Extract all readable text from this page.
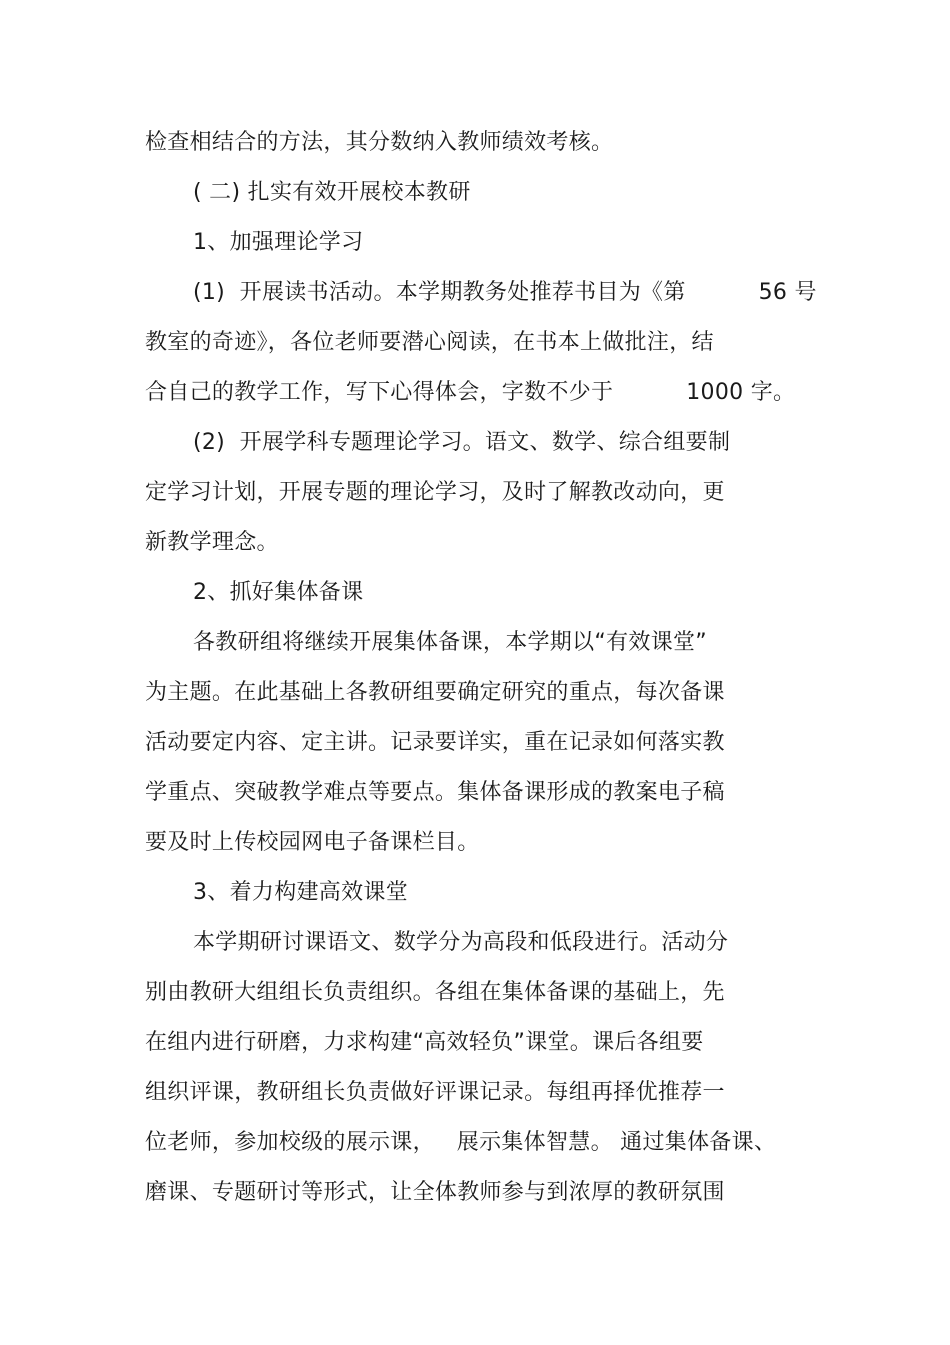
检查相结合的方法，其分数纳入教师绩效考核。
( 二) 扎实有效开展校本教研
1、加强理论学习
(1)  开展读书活动。本学期教务处推荐书目为《第          56 号
教室的奇迹》，各位老师要潜心阅读，在书本上做批注，结
合自己的教学工作，写下心得体会，字数不少于          1000 字。
(2)  开展学科专题理论学习。语文、数学、综合组要制
定学习计划，开展专题的理论学习，及时了解教改动向，更
新教学理念。
2、抓好集体备课
各教研组将继续开展集体备课，本学期以“有效课堂”
为主题。在此基础上各教研组要确定研究的重点，每次备课
活动要定内容、定主讲。记录要详实，重在记录如何落实教
学重点、突破教学难点等要点。集体备课形成的教案电子稿
要及时上传校园网电子备课栏目。
3、着力构建高效课堂
本学期研讨课语文、数学分为高段和低段进行。活动分
别由教研大组组长负责组织。各组在集体备课的基础上，先
在组内进行研磨，力求构建“高效轻负”课堂。课后各组要
组织评课，教研组长负责做好评课记录。每组再择优推荐一
位老师，参加校级的展示课，   展示集体智慧。 通过集体备课、
磨课、专题研讨等形式，让全体教师参与到浓厚的教研氛围
